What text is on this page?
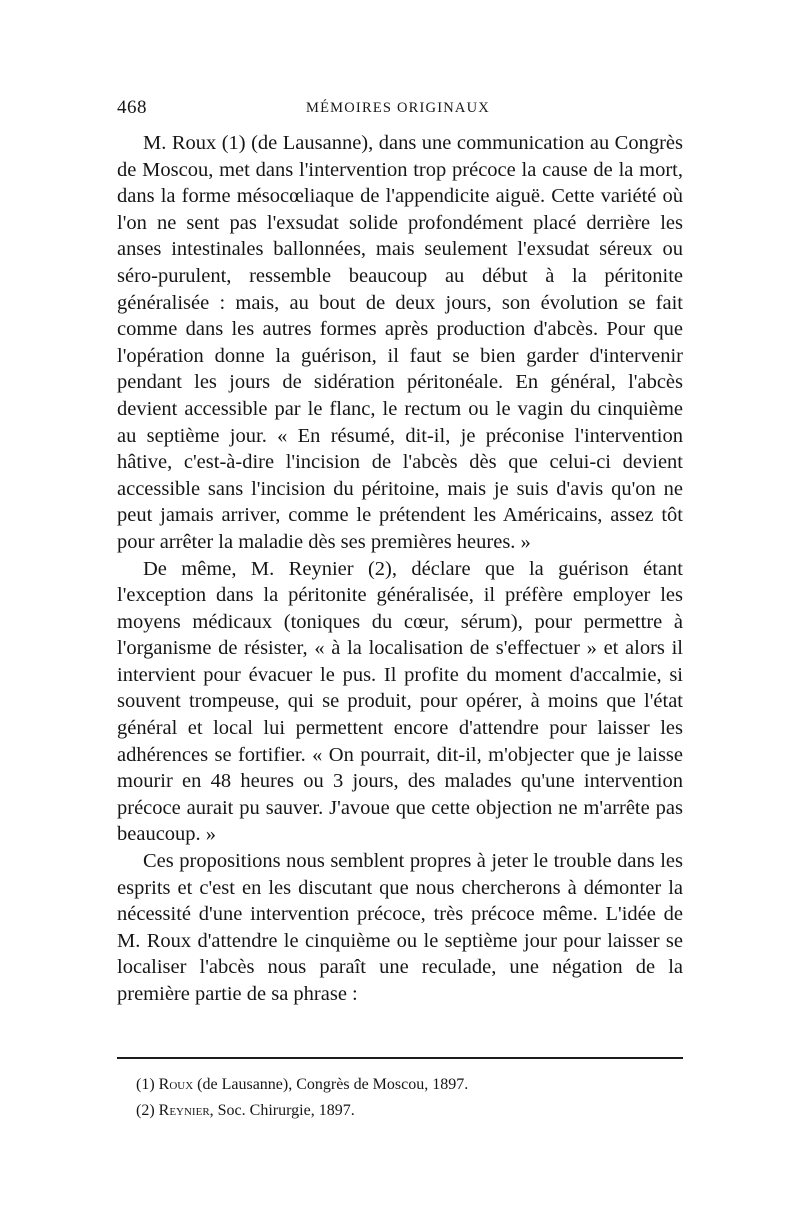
468	MÉMOIRES ORIGINAUX

M. Roux (1) (de Lausanne), dans une communication au Congrès de Moscou, met dans l'intervention trop précoce la cause de la mort, dans la forme mésocœliaque de l'appendicite aiguë. Cette variété où l'on ne sent pas l'exsudat solide profondément placé derrière les anses intestinales ballonnées, mais seulement l'exsudat séreux ou séro-purulent, ressemble beaucoup au début à la péritonite généralisée : mais, au bout de deux jours, son évolution se fait comme dans les autres formes après production d'abcès. Pour que l'opération donne la guérison, il faut se bien garder d'intervenir pendant les jours de sidération péritonéale. En général, l'abcès devient accessible par le flanc, le rectum ou le vagin du cinquième au septième jour. « En résumé, dit-il, je préconise l'intervention hâtive, c'est-à-dire l'incision de l'abcès dès que celui-ci devient accessible sans l'incision du péritoine, mais je suis d'avis qu'on ne peut jamais arriver, comme le prétendent les Américains, assez tôt pour arrêter la maladie dès ses premières heures. »

De même, M. Reynier (2), déclare que la guérison étant l'exception dans la péritonite généralisée, il préfère employer les moyens médicaux (toniques du cœur, sérum), pour permettre à l'organisme de résister, « à la localisation de s'effectuer » et alors il intervient pour évacuer le pus. Il profite du moment d'accalmie, si souvent trompeuse, qui se produit, pour opérer, à moins que l'état général et local lui permettent encore d'attendre pour laisser les adhérences se fortifier. « On pourrait, dit-il, m'objecter que je laisse mourir en 48 heures ou 3 jours, des malades qu'une intervention précoce aurait pu sauver. J'avoue que cette objection ne m'arrête pas beaucoup. »

Ces propositions nous semblent propres à jeter le trouble dans les esprits et c'est en les discutant que nous chercherons à démonter la nécessité d'une intervention précoce, très précoce même. L'idée de M. Roux d'attendre le cinquième ou le septième jour pour laisser se localiser l'abcès nous paraît une reculade, une négation de la première partie de sa phrase :

(1) Roux (de Lausanne), Congrès de Moscou, 1897.

(2) Reynier, Soc. Chirurgie, 1897.
